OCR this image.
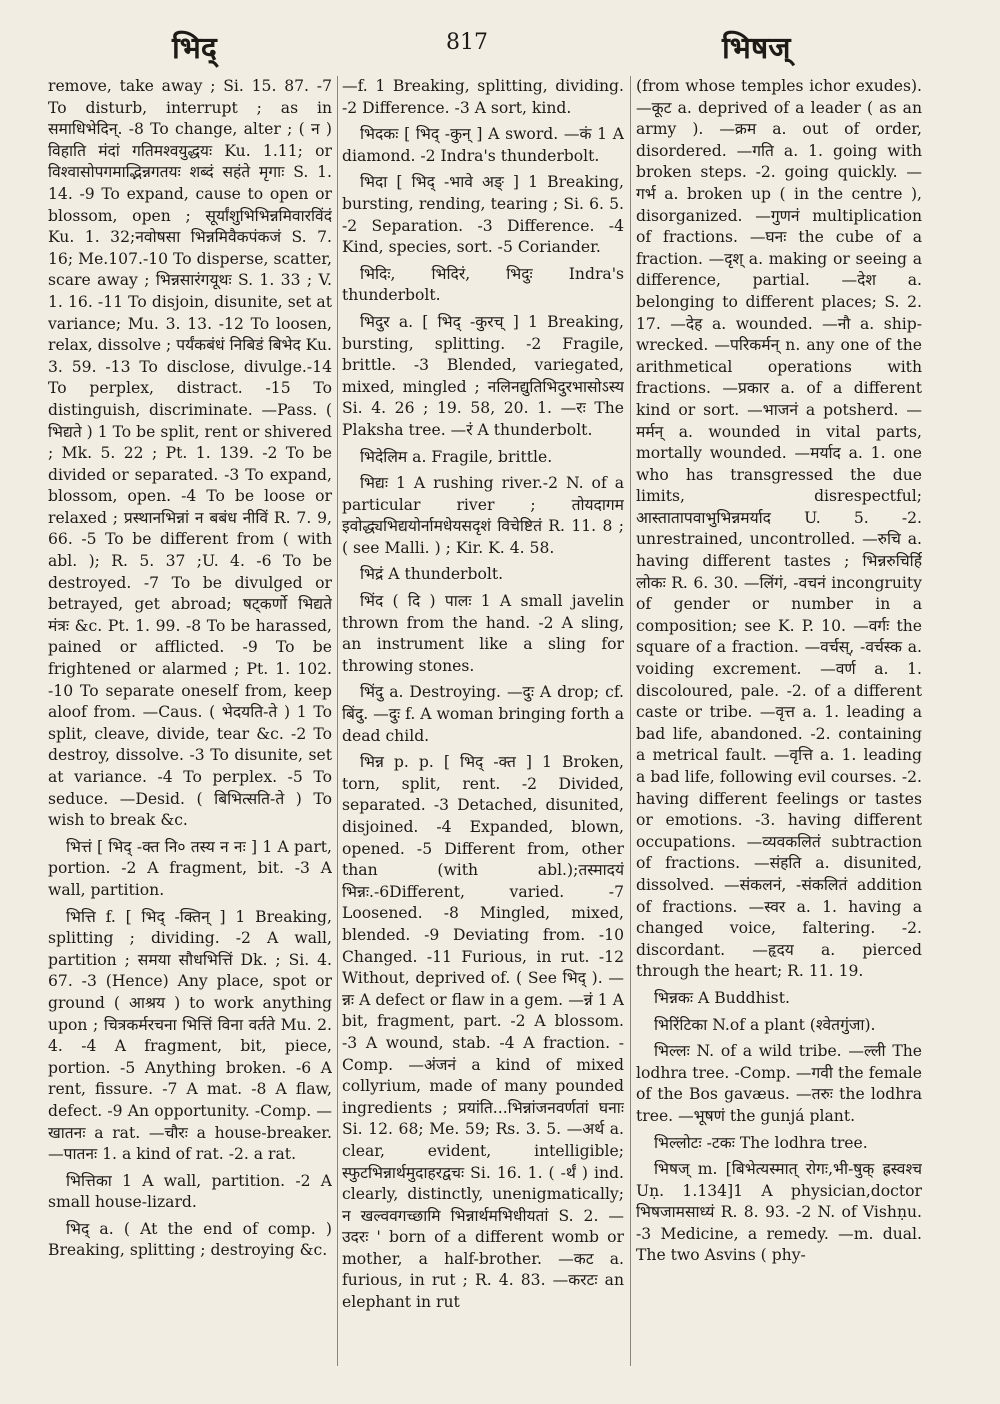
भिद्	817	भिषज्

remove, take away ; Si. 15. 87. -7 To disturb, interrupt ; as in समाधिभेदिन्. -8 To change, alter ; ( न ) विहाति मंदां गतिमश्वयुद्धयः Ku. 1.11; or विश्वासोपगमाद्भिन्नगतयः शब्दं सहंते मृगाः S. 1. 14. -9 To expand, cause to open or blossom, open ; सूर्यांशुभिभिन्नमिवारविंदं Ku. 1. 32;नवोषसा भिन्नमिवैकपंकजं S. 7. 16; Me.107.-10 To disperse, scatter, scare away ; भिन्नसारंगयूथः S. 1. 33 ; V. 1. 16. -11 To disjoin, disunite, set at variance; Mu. 3. 13. -12 To loosen, relax, dissolve ; पर्यंकबंधं निबिडं बिभेद Ku. 3. 59. -13 To disclose, divulge.-14 To perplex, distract. -15 To distinguish, discriminate. —Pass. ( भिद्यते ) 1 To be split, rent or shivered ; Mk. 5. 22 ; Pt. 1. 139. -2 To be divided or separated. -3 To expand, blossom, open. -4 To be loose or relaxed ; प्रस्थानभिन्नां न बबंध नीविं R. 7. 9, 66. -5 To be different from ( with abl. ); R. 5. 37 ;U. 4. -6 To be destroyed. -7 To be divulged or betrayed, get abroad; षट्कर्णो भिद्यते मंत्रः &c. Pt. 1. 99. -8 To be harassed, pained or afflicted. -9 To be frightened or alarmed ; Pt. 1. 102. -10 To separate oneself from, keep aloof from. —Caus. ( भेदयति-ते ) 1 To split, cleave, divide, tear &c. -2 To destroy, dissolve. -3 To disunite, set at variance. -4 To perplex. -5 To seduce. —Desid. ( बिभित्सति-ते ) To wish to break &c.

भित्तं [ भिद् -क्त नि० तस्य न नः ] 1 A part, portion. -2 A fragment, bit. -3 A wall, partition.

भित्ति f. [ भिद् -क्तिन् ] 1 Breaking, splitting ; dividing. -2 A wall, partition ; समया सौधभित्तिं Dk. ; Si. 4. 67. -3 (Hence) Any place, spot or ground ( आश्रय ) to work anything upon ; चित्रकर्मरचना भित्तिं विना वर्तते Mu. 2. 4. -4 A fragment, bit, piece, portion. -5 Anything broken. -6 A rent, fissure. -7 A mat. -8 A flaw, defect. -9 An opportunity. -Comp. —खातनः a rat. —चौरः a house-breaker. —पातनः 1. a kind of rat. -2. a rat.

भित्तिका 1 A wall, partition. -2 A small house-lizard.

भिद् a. ( At the end of comp. ) Breaking, splitting ; destroying &c.

—f. 1 Breaking, splitting, dividing. -2 Difference. -3 A sort, kind.

भिदकः [ भिद् -कुन् ] A sword. —कं 1 A diamond. -2 Indra's thunderbolt.

भिदा [ भिद् -भावे अङ् ] 1 Breaking, bursting, rending, tearing ; Si. 6. 5. -2 Separation. -3 Difference. -4 Kind, species, sort. -5 Coriander.

भिदिः, भिदिरं, भिदुः Indra's thunderbolt.

भिदुर a. [ भिद् -कुरच् ] 1 Breaking, bursting, splitting. -2 Fragile, brittle. -3 Blended, variegated, mixed, mingled ; नलिनद्युतिभिदुरभासोऽस्य Si. 4. 26 ; 19. 58, 20. 1. —रः The Plaksha tree. —रं A thunderbolt.

भिदेलिम a. Fragile, brittle.

भिद्यः 1 A rushing river.-2 N. of a particular river ; तोयदागम इवोद्ध्यभिद्ययोर्नामधेयसदृशं विचेष्टितं R. 11. 8 ; ( see Malli. ) ; Kir. K. 4. 58.

भिद्रं A thunderbolt.

भिंद ( दि ) पालः 1 A small javelin thrown from the hand. -2 A sling, an instrument like a sling for throwing stones.

भिंदु a. Destroying. —दुः A drop; cf. बिंदु. —दुः f. A woman bringing forth a dead child.

भिन्न p. p. [ भिद् -क्त ] 1 Broken, torn, split, rent. -2 Divided, separated. -3 Detached, disunited, disjoined. -4 Expanded, blown, opened. -5 Different from, other than (with abl.);तस्मादयं भिन्नः.-6Different, varied. -7 Loosened. -8 Mingled, mixed, blended. -9 Deviating from. -10 Changed. -11 Furious, in rut. -12 Without, deprived of. ( See भिद् ). —न्नः A defect or flaw in a gem. —न्नं 1 A bit, fragment, part. -2 A blossom. -3 A wound, stab. -4 A fraction. -Comp. —अंजनं a kind of mixed collyrium, made of many pounded ingredients ; प्रयांति...भिन्नांजनवर्णतां घनाः Si. 12. 68; Me. 59; Rs. 3. 5. —अर्थ a. clear, evident, intelligible; स्फुटभिन्नार्थमुदाहरद्वचः Si. 16. 1. ( -र्थं ) ind. clearly, distinctly, unenigmatically; न खल्ववगच्छामि भिन्नार्थमभिधीयतां S. 2. —उदरः ' born of a different womb or mother, a half-brother. —कट a. furious, in rut ; R. 4. 83. —करटः an elephant in rut

(from whose temples ichor exudes). —कूट a. deprived of a leader ( as an army ). —क्रम a. out of order, disordered. —गति a. 1. going with broken steps. -2. going quickly. —गर्भ a. broken up ( in the centre ), disorganized. —गुणनं multiplication of fractions. —घनः the cube of a fraction. —दृश् a. making or seeing a difference, partial. —देश a. belonging to different places; S. 2. 17. —देह a. wounded. —नौ a. ship-wrecked. —परिकर्मन् n. any one of the arithmetical operations with fractions. —प्रकार a. of a different kind or sort. —भाजनं a potsherd. —मर्मन् a. wounded in vital parts, mortally wounded. —मर्याद a. 1. one who has transgressed the due limits, disrespectful; आस्तातापवाभुभिन्नमर्याद U. 5. -2. unrestrained, uncontrolled. —रुचि a. having different tastes ; भिन्नरुचिर्हि लोकः R. 6. 30. —लिंगं, -वचनं incongruity of gender or number in a composition; see K. P. 10. —वर्गः the square of a fraction. —वर्चस्, -वर्चस्क a. voiding excrement. —वर्ण a. 1. discoloured, pale. -2. of a different caste or tribe. —वृत्त a. 1. leading a bad life, abandoned. -2. containing a metrical fault. —वृत्ति a. 1. leading a bad life, following evil courses. -2. having different feelings or tastes or emotions. -3. having different occupations. —व्यवकलितं subtraction of fractions. —संहति a. disunited, dissolved. —संकलनं, -संकलितं addition of fractions. —स्वर a. 1. having a changed voice, faltering. -2. discordant. —हृदय a. pierced through the heart; R. 11. 19.

भिन्नकः A Buddhist.

भिरिंटिका N.of a plant (श्वेतगुंजा).

भिल्लः N. of a wild tribe. —ल्ली The lodhra tree. -Comp. —गवी the female of the Bos gavæus. —तरुः the lodhra tree. —भूषणं the gunjá plant.

भिल्लोटः -टकः The lodhra tree.

भिषज् m. [बिभेत्यस्मात् रोगः,भी-षुक् ह्रस्वश्च Uṇ. 1.134]1 A physician,doctor भिषजामसाध्यं R. 8. 93. -2 N. of Vishṇu. -3 Medicine, a remedy. —m. dual. The two Asvins ( phy-
